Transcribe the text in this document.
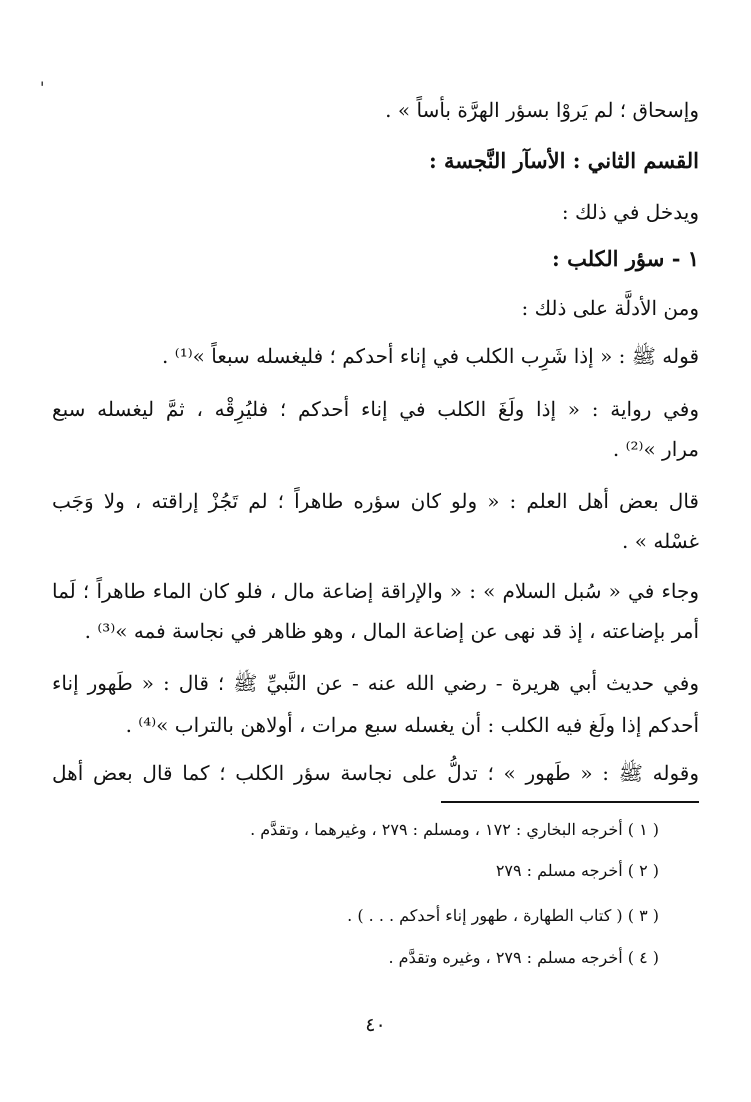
'
وإسحاق ؛ لم يَروْا بسؤر الهرَّة بأساً » .
القسم الثاني : الأسآر النَّجسة :
ويدخل في ذلك :
١ - سؤر الكلب :
ومن الأدلَّة على ذلك :
قوله ﷺ : « إذا شَرِب الكلب في إناء أحدكم ؛ فليغسله سبعاً »⁽¹⁾ .
وفي رواية : « إذا ولَغَ الكلب في إناء أحدكم ؛ فليُرِقْه ، ثمَّ ليغسله سبع
مرار »⁽²⁾ .
قال بعض أهل العلم : « ولو كان سؤره طاهراً ؛ لم تَجُزْ إراقته ، ولا وَجَب
غسْله » .
وجاء في « سُبل السلام » : « والإراقة إضاعة مال ، فلو كان الماء طاهراً ؛ لَما
أمر بإضاعته ، إذ قد نهى عن إضاعة المال ، وهو ظاهر في نجاسة فمه »⁽³⁾ .
وفي حديث أبي هريرة - رضي الله عنه - عن النَّبيِّ ﷺ ؛ قال : « طَهور إناء
أحدكم إذا ولَغ فيه الكلب : أن يغسله سبع مرات ، أولاهن بالتراب »⁽⁴⁾ .
وقوله ﷺ : « طَهور » ؛ تدلُّ على نجاسة سؤر الكلب ؛ كما قال بعض أهل
( ١ ) أخرجه البخاري : ١٧٢ ، ومسلم : ٢٧٩ ، وغيرهما ، وتقدَّم .
( ٢ ) أخرجه مسلم : ٢٧٩
( ٣ ) ( كتاب الطهارة ، طهور إناء أحدكم . . . ) .
( ٤ ) أخرجه مسلم : ٢٧٩ ، وغيره وتقدَّم .
٤٠
